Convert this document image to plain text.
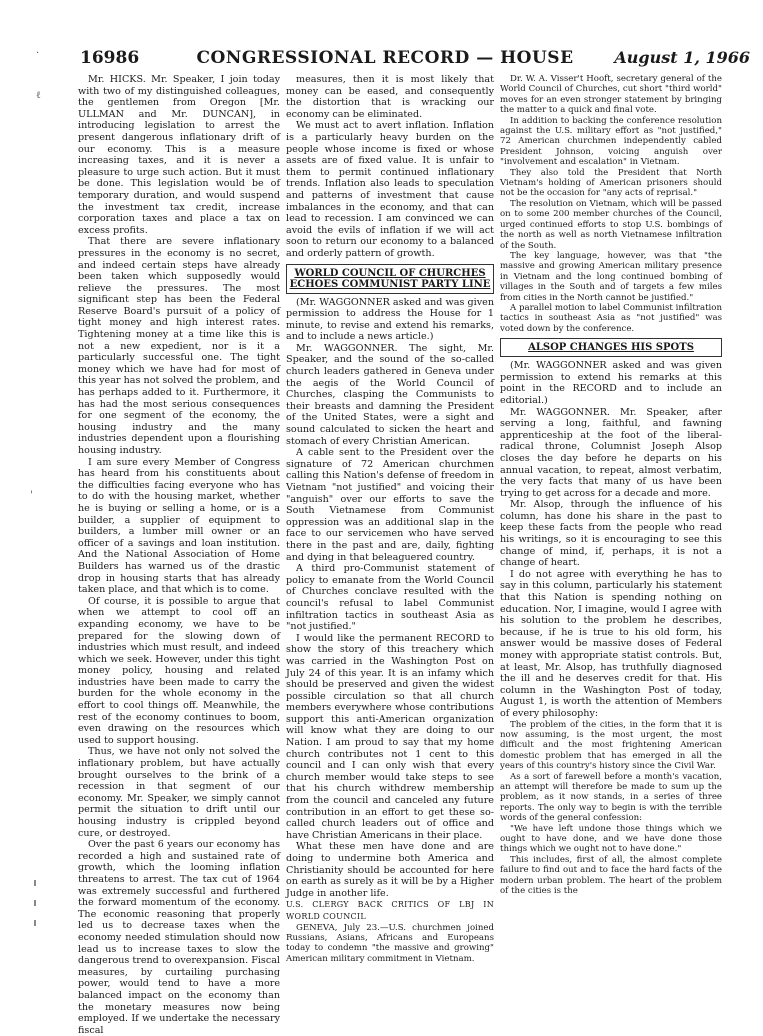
16986	CONGRESSIONAL RECORD — HOUSE	August 1, 1966
·
ℓ
'

Mr. HICKS. Mr. Speaker, I join today with two of my distinguished colleagues, the gentlemen from Oregon [Mr. ULLMAN and Mr. DUNCAN], in introducing legislation to arrest the present dangerous inflationary drift of our economy. This is a measure increasing taxes, and it is never a pleasure to urge such action. But it must be done. This legislation would be of temporary duration, and would suspend the investment tax credit, increase corporation taxes and place a tax on excess profits.

That there are severe inflationary pressures in the economy is no secret, and indeed certain steps have already been taken which supposedly would relieve the pressures. The most significant step has been the Federal Reserve Board's pursuit of a policy of tight money and high interest rates. Tightening money at a time like this is not a new expedient, nor is it a particularly successful one. The tight money which we have had for most of this year has not solved the problem, and has perhaps added to it. Furthermore, it has had the most serious consequences for one segment of the economy, the housing industry and the many industries dependent upon a flourishing housing industry.

I am sure every Member of Congress has heard from his constituents about the difficulties facing everyone who has to do with the housing market, whether he is buying or selling a home, or is a builder, a supplier of equipment to builders, a lumber mill owner or an officer of a savings and loan institution. And the National Association of Home Builders has warned us of the drastic drop in housing starts that has already taken place, and that which is to come.

Of course, it is possible to argue that when we attempt to cool off an expanding economy, we have to be prepared for the slowing down of industries which must result, and indeed which we seek. However, under this tight money policy, housing and related industries have been made to carry the burden for the whole economy in the effort to cool things off. Meanwhile, the rest of the economy continues to boom, even drawing on the resources which used to support housing.

Thus, we have not only not solved the inflationary problem, but have actually brought ourselves to the brink of a recession in that segment of our economy. Mr. Speaker, we simply cannot permit the situation to drift until our housing industry is crippled beyond cure, or destroyed.

Over the past 6 years our economy has recorded a high and sustained rate of growth, which the looming inflation threatens to arrest. The tax cut of 1964 was extremely successful and furthered the forward momentum of the economy. The economic reasoning that properly led us to decrease taxes when the economy needed stimulation should now lead us to increase taxes to slow the dangerous trend to overexpansion. Fiscal measures, by curtailing purchasing power, would tend to have a more balanced impact on the economy than the monetary measures now being employed. If we undertake the necessary fiscal

measures, then it is most likely that money can be eased, and consequently the distortion that is wracking our economy can be eliminated.

We must act to avert inflation. Inflation is a particularly heavy burden on the people whose income is fixed or whose assets are of fixed value. It is unfair to them to permit continued inflationary trends. Inflation also leads to speculation and patterns of investment that cause imbalances in the economy, and that can lead to recession. I am convinced we can avoid the evils of inflation if we will act soon to return our economy to a balanced and orderly pattern of growth.

WORLD COUNCIL OF CHURCHES ECHOES COMMUNIST PARTY LINE

(Mr. WAGGONNER asked and was given permission to address the House for 1 minute, to revise and extend his remarks, and to include a news article.)

Mr. WAGGONNER. The sight, Mr. Speaker, and the sound of the so-called church leaders gathered in Geneva under the aegis of the World Council of Churches, clasping the Communists to their breasts and damning the President of the United States, were a sight and sound calculated to sicken the heart and stomach of every Christian American.

A cable sent to the President over the signature of 72 American churchmen calling this Nation's defense of freedom in Vietnam "not justified" and voicing their "anguish" over our efforts to save the South Vietnamese from Communist oppression was an additional slap in the face to our servicemen who have served there in the past and are, daily, fighting and dying in that beleaguered country.

A third pro-Communist statement of policy to emanate from the World Council of Churches conclave resulted with the council's refusal to label Communist infiltration tactics in southeast Asia as "not justified."

I would like the permanent RECORD to show the story of this treachery which was carried in the Washington Post on July 24 of this year. It is an infamy which should be preserved and given the widest possible circulation so that all church members everywhere whose contributions support this anti-American organization will know what they are doing to our Nation. I am proud to say that my home church contributes not 1 cent to this council and I can only wish that every church member would take steps to see that his church withdrew membership from the council and canceled any future contribution in an effort to get these so-called church leaders out of office and have Christian Americans in their place.

What these men have done and are doing to undermine both America and Christianity should be accounted for here on earth as surely as it will be by a Higher Judge in another life.

U.S. CLERGY BACK CRITICS OF LBJ IN WORLD COUNCIL

GENEVA, July 23.—U.S. churchmen joined Russians, Asians, Africans and Europeans today to condemn "the massive and growing" American military commitment in Vietnam.

Dr. W. A. Visser't Hooft, secretary general of the World Council of Churches, cut short "third world" moves for an even stronger statement by bringing the matter to a quick and final vote.

In addition to backing the conference resolution against the U.S. military effort as "not justified," 72 American churchmen independently cabled President Johnson, voicing anguish over "involvement and escalation" in Vietnam.

They also told the President that North Vietnam's holding of American prisoners should not be the occasion for "any acts of reprisal."

The resolution on Vietnam, which will be passed on to some 200 member churches of the Council, urged continued efforts to stop U.S. bombings of the north as well as north Vietnamese infiltration of the South.

The key language, however, was that "the massive and growing American military presence in Vietnam and the long continued bombing of villages in the South and of targets a few miles from cities in the North cannot be justified."

A parallel motion to label Communist infiltration tactics in southeast Asia as "not justified" was voted down by the conference.

ALSOP CHANGES HIS SPOTS

(Mr. WAGGONNER asked and was given permission to extend his remarks at this point in the RECORD and to include an editorial.)

Mr. WAGGONNER. Mr. Speaker, after serving a long, faithful, and fawning apprenticeship at the foot of the liberal-radical throne, Columnist Joseph Alsop closes the day before he departs on his annual vacation, to repeat, almost verbatim, the very facts that many of us have been trying to get across for a decade and more.

Mr. Alsop, through the influence of his column, has done his share in the past to keep these facts from the people who read his writings, so it is encouraging to see this change of mind, if, perhaps, it is not a change of heart.

I do not agree with everything he has to say in this column, particularly his statement that this Nation is spending nothing on education. Nor, I imagine, would I agree with his solution to the problem he describes, because, if he is true to his old form, his answer would be massive doses of Federal money with appropriate statist controls. But, at least, Mr. Alsop, has truthfully diagnosed the ill and he deserves credit for that. His column in the Washington Post of today, August 1, is worth the attention of Members of every philosophy:

The problem of the cities, in the form that it is now assuming, is the most urgent, the most difficult and the most frightening American domestic problem that has emerged in all the years of this country's history since the Civil War.

As a sort of farewell before a month's vacation, an attempt will therefore be made to sum up the problem, as it now stands, in a series of three reports. The only way to begin is with the terrible words of the general confession:

"We have left undone those things which we ought to have done, and we have done those things which we ought not to have done."

This includes, first of all, the almost complete failure to find out and to face the hard facts of the modern urban problem. The heart of the problem of the cities is the
